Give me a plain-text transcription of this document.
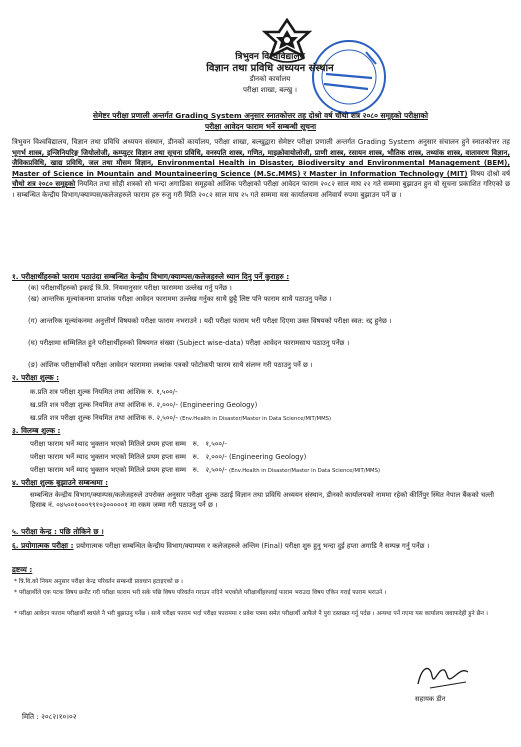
त्रिभुवन विश्वविद्यालय
विज्ञान तथा प्रविधि अध्ययन संस्थान
डीनको कार्यालय
परीक्षा शाखा, बल्खु ।
सेमेष्टर परीक्षा प्रणाली अन्तर्गत Grading System अनुसार स्नातकोत्तर तह दोश्रो वर्ष चौथो शत्र २०८० समूहको परीक्षाको
परीक्षा आवेदन फाराम भर्ने सम्बन्धी सूचना
त्रिभुवन विश्वविद्यालय, विज्ञान तथा प्रविधि अध्ययन संस्थान, डीनको कार्यालय, परीक्षा शाखा, बल्खुद्वारा सेमेष्टर परीक्षा प्रणाली अन्तर्गत Grading System अनुसार संचालन हुने स्नातकोत्तर तह भूगर्भ शास्त्र, इन्जिनियरिङ्ग जियोलोजी, कम्प्युटर विज्ञान तथा सूचना प्रविधि, वनस्पति शास्त्र, गणित, माइक्रोवायोलोजी, प्राणी शास्त्र, रसायन शास्त्र, भौतिक शास्त्र, तथ्यांक शास्त्र, वातावरण विज्ञान, जैविकप्रविधि, खाद्य प्रविधि, जल तथा मौसम विज्ञान, Environmental Health in Disaster, Biodiversity and Environmental Management (BEM), Master of Science in Mountain and Mountaineering Science (M.Sc.MMS) र Master in Information Technology (MIT) विषय दोश्रो वर्ष चौथो शत्र २०८० समूहको नियमित तथा सोही शत्रको सो भन्दा अगाडिका समूहको आंशिक परीक्षाको परीक्षा आवेदन फाराम २०८२ साल माघ २२ गते सम्ममा बुझाउन हुन यो सूचना प्रकाशित गरिएको छ । सम्बन्धित केन्द्रीय विभाग/क्याम्पस/कलेजहरुले फाराम हरु रुजु गरी मिति २०८२ साल माघ २५ गते सम्ममा यस कार्यालयमा अनिवार्य रुपमा बुझाउन पर्ने छ ।
१. परीक्षार्थीहरुको फाराम पठाउंदा सम्बन्धित केन्द्रीय विभाग/क्याम्पस/कलेजहरुले ध्यान दिनु पर्ने कुराहरु :
(क) परीक्षार्थीहरुको इकाई त्रि.वि. नियमानुसार परीक्षा फाराममा उल्लेख गर्नु पर्नेछ ।
(ख) आन्तरिक मूल्यांकनमा प्राप्तांक परीक्षा आवेदन फाराममा उल्लेख गर्नुका साथै छुट्टै लिष्ट पनि फाराम साथै पठाउनु पर्नेछ ।
(ग) आन्तरिक मूल्यांकनमा अनुत्तीर्ण विषयको परीक्षा फाराम नभराउने । यदी परीक्षा फाराम भरी परीक्षा दिएमा उक्त विषयको परीक्षा स्वत: रद्द हुनेछ ।
(घ) परीक्षामा सम्मिलित हुने परीक्षार्थीहरुको विषयगत संख्या (Subject wise-data) परीक्षा आवेदन फारामसाथ पठाउनु पर्नेछ ।
(ङ) आंशिक परीक्षार्थीको परीक्षा आवेदन फाराममा लब्धांक पत्रको फोटोकपी फारम साथै संलग्न गरी पठाउनु पर्ने छ ।
२. परीक्षा शुल्क :
क.प्रति शत्र परीक्षा शुल्क नियमित तथा आंशिक रु. १,५००/-
ख.प्रति शत्र परीक्षा शुल्क नियमित तथा आंशिक रु. २,०००/- (Engineering Geology)
ख.प्रति शत्र परीक्षा शुल्क नियमित तथा आंशिक रु. २,५००/- (Env.Health in Disaster/Master in Data Science/MIT/MMS)
३. विलम्ब शुल्क :
परीक्षा फाराम भर्ने म्याद भुक्तान भएको मितिले प्रथम हप्ता सम्म रु. १,५००/-
परीक्षा फाराम भर्ने म्याद भुक्तान भएको मितिले प्रथम हप्ता सम्म रु. २,०००/- (Engineering Geology)
परीक्षा फाराम भर्ने म्याद भुक्तान भएको मितिले प्रथम हप्ता सम्म रु. २,५००/- (Env.Health in Disaster/Master in Data Science/MIT/MMS)
४. परीक्षा शुल्क बुझाउने सम्बन्धमा :
सम्बन्धित केन्द्रीय विभाग/क्याम्पस/कलेजहरुले उपरोक्त अनुसार परीक्षा शुल्क उठाई विज्ञान तथा प्रविधि अध्ययन संस्थान, डीनको कार्यालयको नाममा रहेको कीर्तिपुर स्थित नेपाल बैंकको चल्ती हिसाब नं. ०४५००१०००९९१०३०००००१ मा रकम जम्मा गरी पठाउनु पर्ने छ ।
५. परीक्षा केन्द्र : पछि तोकिने छ ।
६. प्रयोगात्मक परीक्षा : प्रयोगात्मक परीक्षा सम्बन्धित केन्द्रीय विभाग/क्याम्पस र कलेजहरुले अन्तिम (Final) परीक्षा शुरु हुनु भन्दा दुई हप्ता अगाडि नै सम्पन्न गर्नु पर्नेछ ।
द्रष्टव्य :
* त्रि.वि.को नियम अनुसार परीक्षा केन्द्र परिवर्तन सम्बन्धी प्रावधान हटाइएको छ ।
* परीक्षार्थीले एक पटक विषय छनौट गरी परीक्षा फाराम भरी सके पछि विषय परिवर्तन गराउन नदिने भएकोले परीक्षार्थीहरुलाई फाराम भराउदा विषय एकिन गराई फाराम भराउने ।
* परीक्षा आवेदन फाराम परीक्षार्थी स्वयंले नै भरी बुझाउनु पर्नेछ । साथै परीक्षा फाराम भर्दा परीक्षा फाराममा र प्रवेश पत्रमा समेत परीक्षार्थी आफैले नै पुरा दस्तखत गर्नु पर्दछ । अन्यथा पर्ने गएमा यस कार्यालय जवाफदेही हुने छैन ।
सहायक डीन
मिति : २०८२।१०।०२
